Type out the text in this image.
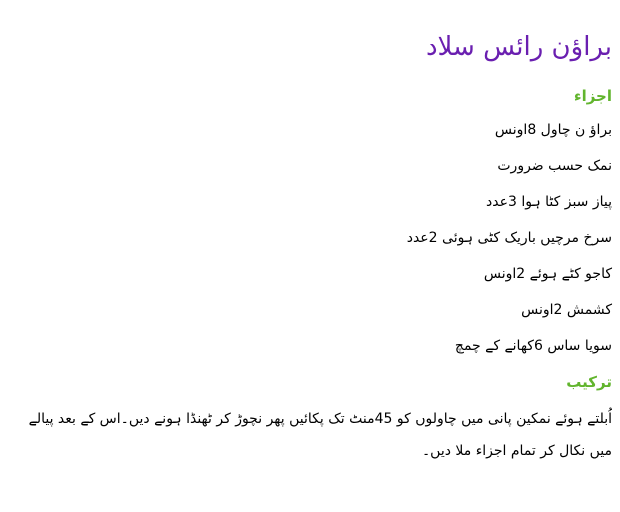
براؤن رائس سلاد
اجزاء
براؤ ن چاول 8اونس
نمک حسب ضرورت
پیاز سبز کٹا ہوا 3عدد
سرخ مرچیں باریک کٹی ہوئی 2عدد
کاجو کٹے ہوئے 2اونس
کشمش 2اونس
سویا ساس 6کھانے کے چمچ
ترکیب

اُبلتے ہوئے نمکین پانی میں چاولوں کو 45منٹ تک پکائیں پھر نچوڑ کر ٹھنڈا ہونے دیں۔اس کے بعد پیالے میں نکال کر تمام اجزاء ملا دیں۔
